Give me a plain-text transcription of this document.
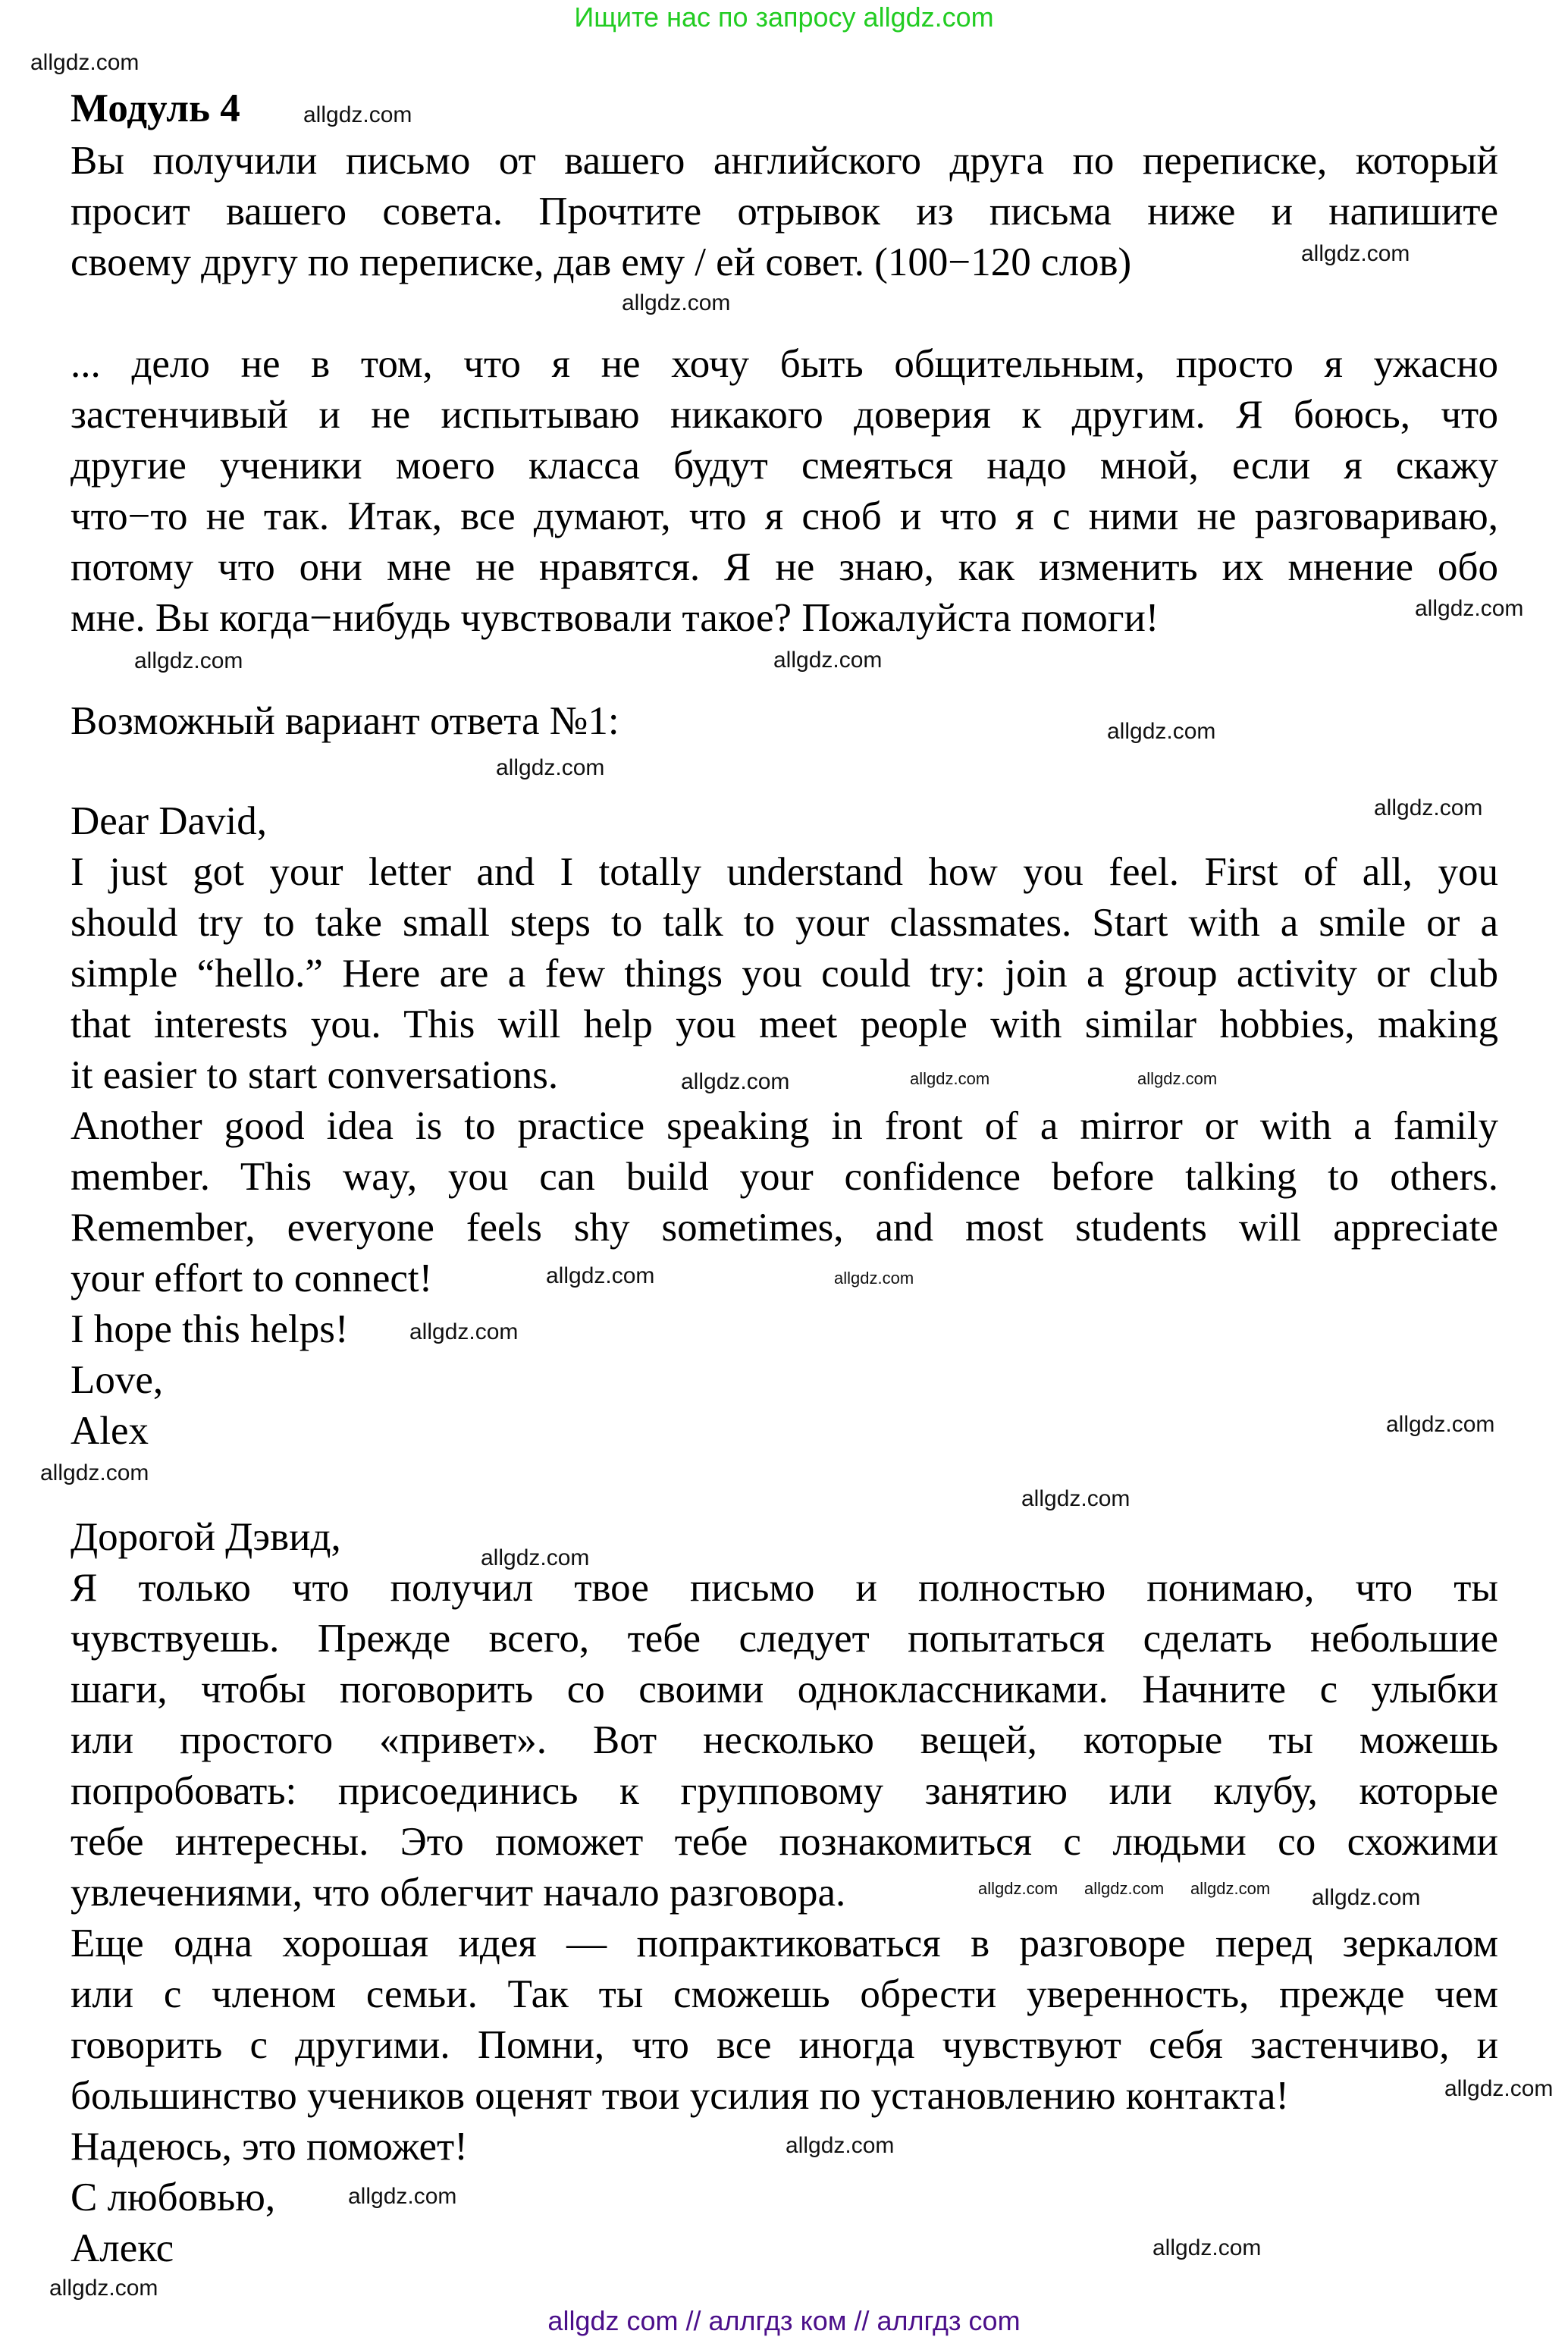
Ищите нас по запросу allgdz.com
Модуль 4
Вы получили письмо от вашего английского друга по переписке, который
просит вашего совета. Прочтите отрывок из письма ниже и напишите
своему другу по переписке, дав ему / ей совет. (100−120 слов)
... дело не в том, что я не хочу быть общительным, просто я ужасно
застенчивый и не испытываю никакого доверия к другим. Я боюсь, что
другие ученики моего класса будут смеяться надо мной, если я скажу
что−то не так. Итак, все думают, что я сноб и что я с ними не разговариваю,
потому что они мне не нравятся. Я не знаю, как изменить их мнение обо
мне. Вы когда−нибудь чувствовали такое? Пожалуйста помоги!
Возможный вариант ответа №1:
Dear David,
I just got your letter and I totally understand how you feel. First of all, you
should try to take small steps to talk to your classmates. Start with a smile or a
simple “hello.” Here are a few things you could try: join a group activity or club
that interests you. This will help you meet people with similar hobbies, making
it easier to start conversations.
Another good idea is to practice speaking in front of a mirror or with a family
member. This way, you can build your confidence before talking to others.
Remember, everyone feels shy sometimes, and most students will appreciate
your effort to connect!
I hope this helps!
Love,
Alex
Дорогой Дэвид,
Я только что получил твое письмо и полностью понимаю, что ты
чувствуешь. Прежде всего, тебе следует попытаться сделать небольшие
шаги, чтобы поговорить со своими одноклассниками. Начните с улыбки
или простого «привет». Вот несколько вещей, которые ты можешь
попробовать: присоединись к групповому занятию или клубу, которые
тебе интересны. Это поможет тебе познакомиться с людьми со схожими
увлечениями, что облегчит начало разговора.
Еще одна хорошая идея — попрактиковаться в разговоре перед зеркалом
или с членом семьи. Так ты сможешь обрести уверенность, прежде чем
говорить с другими. Помни, что все иногда чувствуют себя застенчиво, и
большинство учеников оценят твои усилия по установлению контакта!
Надеюсь, это поможет!
С любовью,
Алекс
allgdz.com
allgdz.com
allgdz.com
allgdz.com
allgdz.com
allgdz.com
allgdz.com
allgdz.com
allgdz.com
allgdz.com
allgdz.com
allgdz.com
allgdz.com
allgdz.com
allgdz.com
allgdz.com
allgdz.com
allgdz.com
allgdz.com
allgdz.com
allgdz.com allgdz.com allgdz.com allgdz.com
allgdz.com
allgdz.com
allgdz.com
allgdz.com
allgdz.com
allgdz com // аллгдз ком // аллгдз com
